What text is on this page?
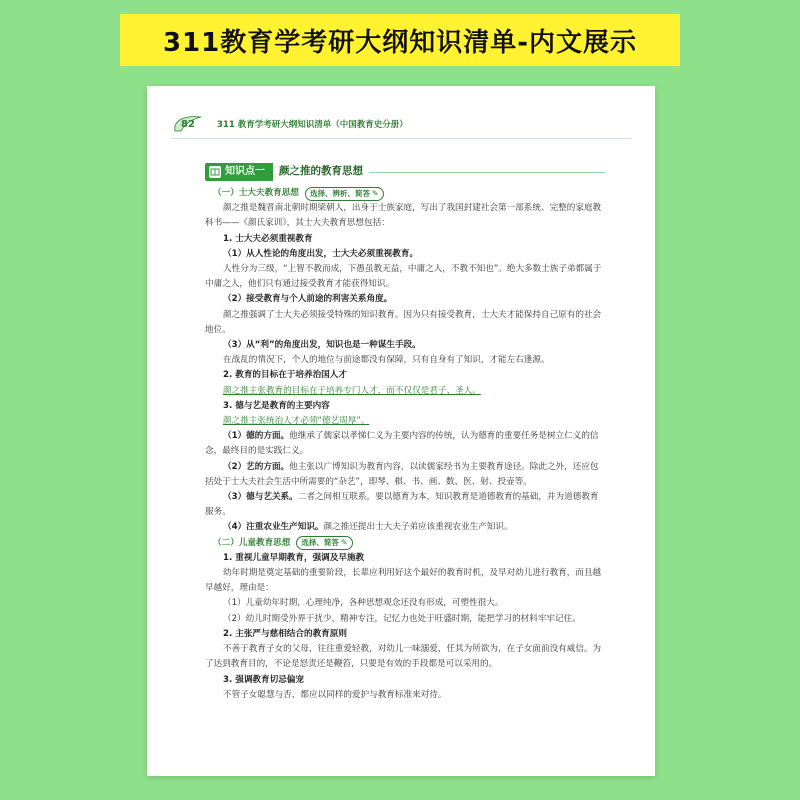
311教育学考研大纲知识清单-内文展示
82	311 教育学考研大纲知识清单（中国教育史分册）
知识点一 颜之推的教育思想
（一）士大夫教育思想 选择、辨析、简答 ✎
颜之推是魏晋南北朝时期梁朝人，出身于士族家庭，写出了我国封建社会第一部系统、完整的家庭教科书——《颜氏家训》，其士大夫教育思想包括：
1. 士大夫必须重视教育
（1）从人性论的角度出发，士大夫必须重视教育。
人性分为三级，“上智不教而成，下愚虽教无益，中庸之人，不教不知也”。绝大多数士族子弟都属于中庸之人，他们只有通过接受教育才能获得知识。
（2）接受教育与个人前途的利害关系角度。
颜之推强调了士大夫必须接受特殊的知识教育。因为只有接受教育，士大夫才能保持自己原有的社会地位。
（3）从“利”的角度出发，知识也是一种谋生手段。
在战乱的情况下，个人的地位与前途都没有保障，只有自身有了知识，才能左右逢源。
2. 教育的目标在于培养治国人才
颜之推主张教育的目标在于培养专门人才，而不仅仅是君子、圣人。
3. 德与艺是教育的主要内容
颜之推主张统治人才必须“德艺周厚”。
（1）德的方面。他继承了儒家以孝悌仁义为主要内容的传统，认为德育的重要任务是树立仁义的信念，最终目的是实践仁义。
（2）艺的方面。他主张以广博知识为教育内容，以读儒家经书为主要教育途径。除此之外，还应包括处于士大夫社会生活中所需要的“杂艺”，即琴、棋、书、画、数、医、射、投壶等。
（3）德与艺关系。二者之间相互联系。要以德育为本，知识教育是道德教育的基础，并为道德教育服务。
（4）注重农业生产知识。颜之推还提出士大夫子弟应该重视农业生产知识。
（二）儿童教育思想 选择、简答 ✎
1. 重视儿童早期教育，强调及早施教
幼年时期是奠定基础的重要阶段，长辈应利用好这个最好的教育时机，及早对幼儿进行教育，而且越早越好，理由是：
（1）儿童幼年时期，心理纯净，各种思想观念还没有形成，可塑性很大。
（2）幼儿时期受外界干扰少，精神专注，记忆力也处于旺盛时期，能把学习的材料牢牢记住。
2. 主张严与慈相结合的教育原则
不善于教育子女的父母，往往重爱轻教，对幼儿一味溺爱，任其为所欲为，在子女面前没有威信。为了达到教育目的，不论是怒责还是鞭笞，只要是有效的手段都是可以采用的。
3. 强调教育切忌偏宠
不管子女聪慧与否，都应以同样的爱护与教育标准来对待。
